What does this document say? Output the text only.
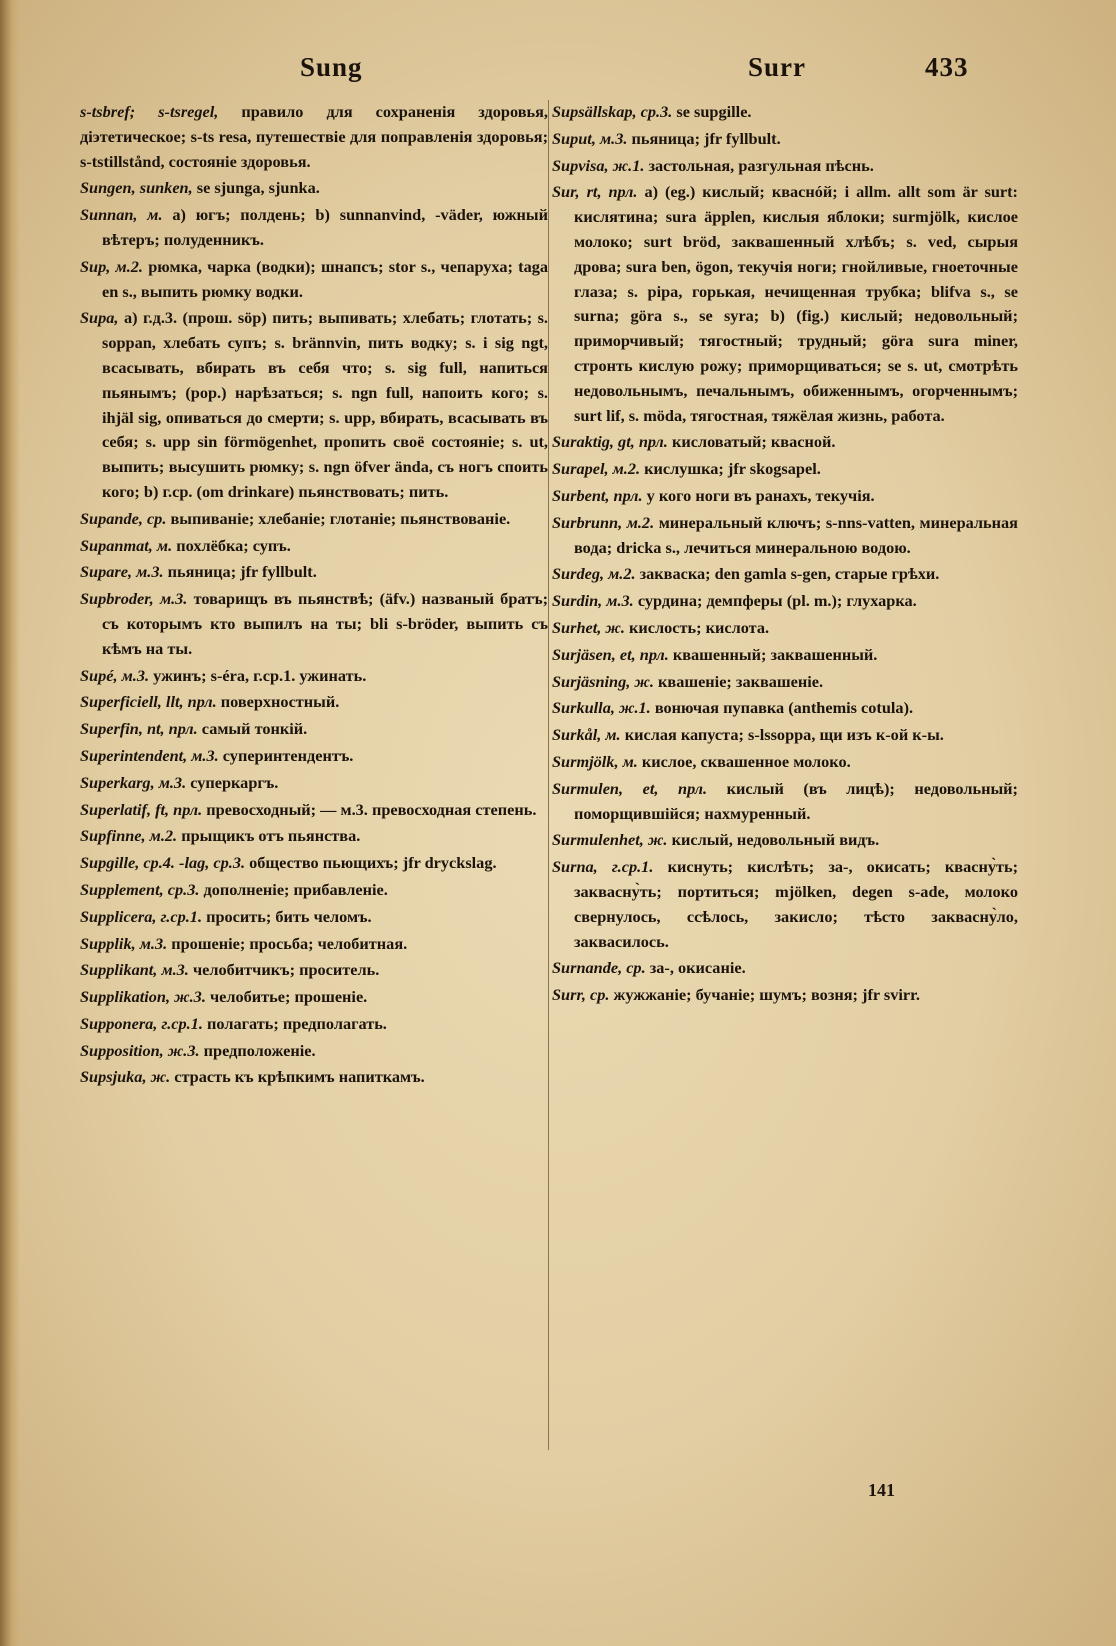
Sung	Surr	433
s-tsbref; s-tsregel, правило для сохраненія здоровья, діэтетическое; s-ts resa, путешествіе для поправленія здоровья; s-tstillstånd, состояніе здоровья.
Sungen, sunken, se sjunga, sjunka.
Sunnan, м. a) югъ; полдень; b) sunnanvind, -väder, южный вѣтеръ; полуденникъ.
Sup, м.2. рюмка, чарка (водки); шнапсъ; stor s., чепаруха; taga en s., выпить рюмку водки.
Supa, a) г.д.3. (прош. söp) пить; выпивать; хлебать; глотать; s. soppan, хлебать супъ; s. brännvin, пить водку; s. i sig ngt, всасывать, вбирать въ себя что; s. sig full, напиться пьянымъ; (pop.) нарѣзаться; s. ngn full, напоить кого; s. ihjäl sig, опиваться до смерти; s. upp, вбирать, всасывать въ себя; s. upp sin förmögenhet, пропить своё состояніе; s. ut, выпить; высушить рюмку; s. ngn öfver ända, съ ногъ споить кого; b) г.ср. (om drinkare) пьянствовать; пить.
Supande, ср. выпиваніе; хлебаніе; глотаніе; пьянствованіе.
Supanmat, м. похлёбка; супъ.
Supare, м.3. пьяница; jfr fyllbult.
Supbroder, м.3. товарищъ въ пьянствѣ; (äfv.) названый братъ; съ которымъ кто выпилъ на ты; bli s-bröder, выпить съ кѣмъ на ты.
Supé, м.3. ужинъ; s-éra, г.ср.1. ужинать.
Superficiell, llt, прл. поверхностный.
Superfin, nt, прл. самый тонкій.
Superintendent, м.3. суперинтендентъ.
Superkarg, м.3. суперкаргъ.
Superlatif, ft, прл. превосходный; — м.3. превосходная степень.
Supfinne, м.2. прыщикъ отъ пьянства.
Supgille, ср.4. -lag, ср.3. общество пьющихъ; jfr dryckslag.
Supplement, ср.3. дополненіе; прибавленіе.
Supplicera, г.ср.1. просить; бить челомъ.
Supplik, м.3. прошеніе; просьба; челобитная.
Supplikant, м.3. челобитчикъ; проситель.
Supplikation, ж.3. челобитье; прошеніе.
Supponera, г.ср.1. полагать; предполагать.
Supposition, ж.3. предположеніе.
Supsjuka, ж. страсть къ крѣпкимъ напиткамъ.
Supsällskap, ср.3. se supgille.
Suput, м.3. пьяница; jfr fyllbult.
Supvisa, ж.1. застольная, разгульная пѣснь.
Sur, rt, прл. a) (eg.) кислый; кваснóй; i allm. allt som är surt: кислятина; sura äpplen, кислыя яблоки; surmjölk, кислое молоко; surt bröd, заквашенный хлѣбъ; s. ved, сырыя дрова; sura ben, ögon, текучія ноги; гнойливые, гноеточные глаза; s. pipa, горькая, нечищенная трубка; blifva s., se surna; göra s., se syra; b) (fig.) кислый; недовольный; приморчивый; тягостный; трудный; göra sura miner, стронть кислую рожу; приморщиваться; se s. ut, смотрѣть недовольнымъ, печальнымъ, обиженнымъ, огорченнымъ; surt lif, s. möda, тягостная, тяжёлая жизнь, работа.
Suraktig, gt, прл. кисловатый; квасной.
Surapel, м.2. кислушка; jfr skogsapel.
Surbent, прл. у кого ноги въ ранахъ, текучія.
Surbrunn, м.2. минеральный ключъ; s-nns-vatten, минеральная вода; dricka s., лечиться минеральною водою.
Surdeg, м.2. закваска; den gamla s-gen, старые грѣхи.
Surdin, м.3. сурдина; демпферы (pl. m.); глухарка.
Surhet, ж. кислость; кислота.
Surjäsen, et, прл. квашенный; заквашенный.
Surjäsning, ж. квашеніе; заквашеніе.
Surkulla, ж.1. вонючая пупавка (anthemis cotula).
Surkål, м. кислая капуста; s-lssoppa, щи изъ к-ой к-ы.
Surmjölk, м. кислое, сквашенное молоко.
Surmulen, et, прл. кислый (въ лицѣ); недовольный; поморщившійся; нахмуренный.
Surmulenhet, ж. кислый, недовольный видъ.
Surna, г.ср.1. киснуть; кислѣть; за-, окисать; квасну̀ть; заквасну̀ть; портиться; mjölken, degen s-ade, молоко свернулось, ссѣлось, закисло; тѣсто заквасну̀ло, заквасилось.
Surnande, ср. за-, окисаніе.
Surr, ср. жужжаніе; бучаніе; шумъ; возня; jfr svirr.
141
